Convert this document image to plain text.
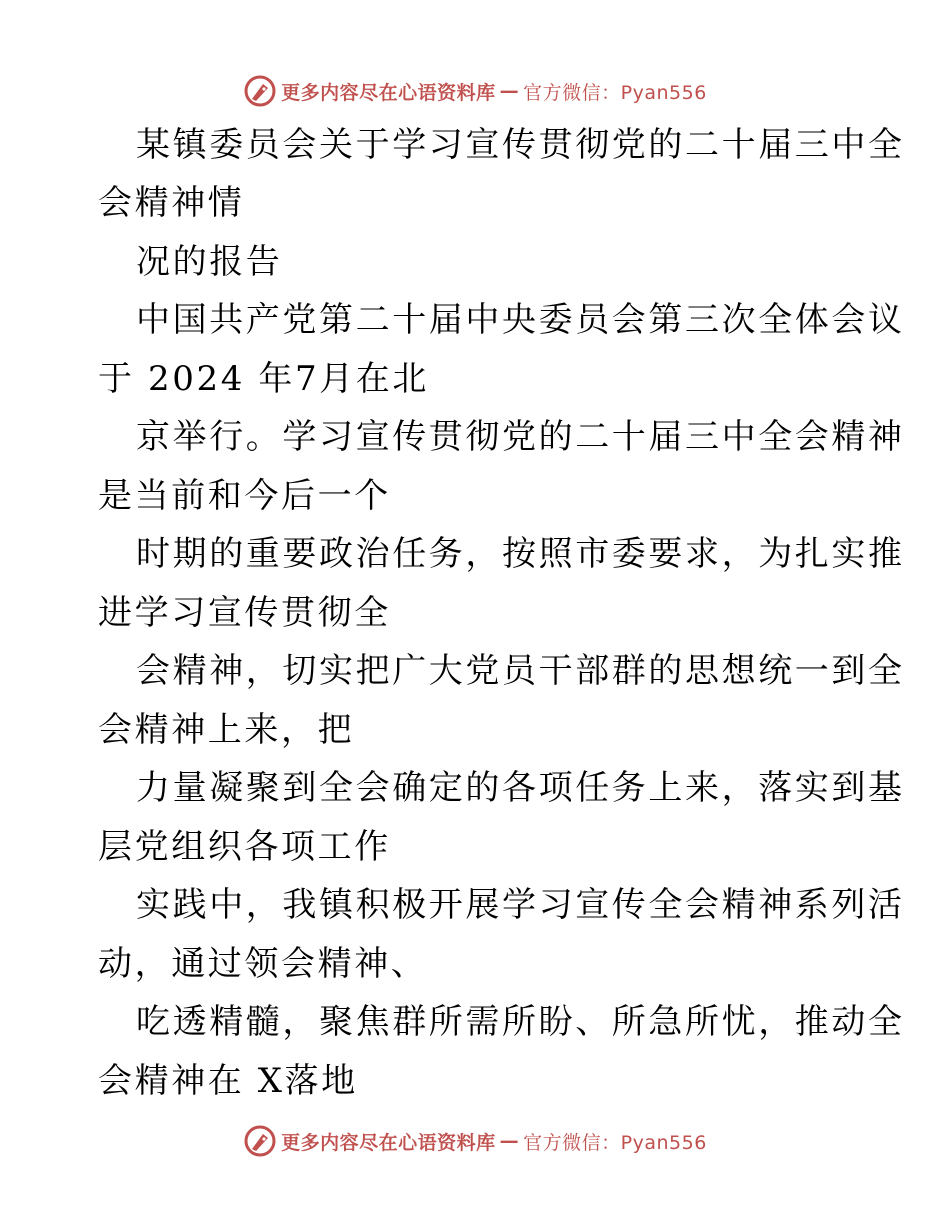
更多内容尽在心语资料库 — 官方微信：Pyan556
某镇委员会关于学习宣传贯彻党的二十届三中全
会精神情
况的报告
中国共产党第二十届中央委员会第三次全体会议
于 2024 年7月在北
京举行。学习宣传贯彻党的二十届三中全会精神
是当前和今后一个
时期的重要政治任务，按照市委要求，为扎实推
进学习宣传贯彻全
会精神，切实把广大党员干部群的思想统一到全
会精神上来，把
力量凝聚到全会确定的各项任务上来，落实到基
层党组织各项工作
实践中，我镇积极开展学习宣传全会精神系列活
动，通过领会精神、
吃透精髓，聚焦群所需所盼、所急所忧，推动全
会精神在 X落地
更多内容尽在心语资料库 — 官方微信：Pyan556
